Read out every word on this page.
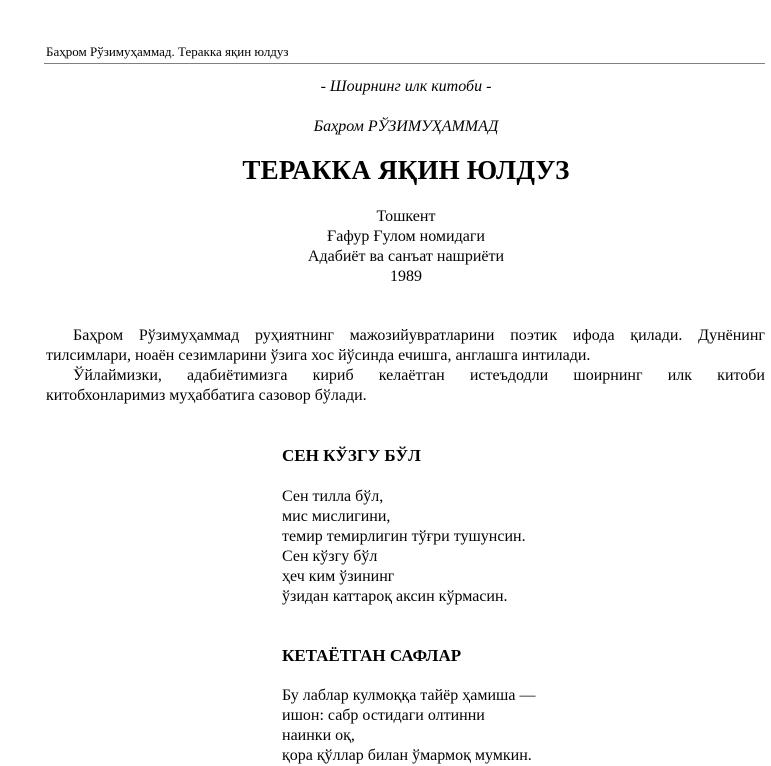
Баҳром Рўзимуҳаммад. Теракка яқин юлдуз
- Шоирнинг илк китоби -
Баҳром РЎЗИМУҲАММАД
ТЕРАККА ЯҚИН ЮЛДУЗ
Тошкент
Ғафур Ғулом номидаги
Адабиёт ва санъат нашриёти
1989

Баҳром Рўзимуҳаммад руҳиятнинг мажозийувратларини поэтик ифода қилади. Дунёнинг тилсимлари, ноаён сезимларини ўзига хос йўсинда ечишга, англашга интилади.

Ўйлаймизки, адабиётимизга кириб келаётган истеъдодли шоирнинг илк китоби

китобхонларимиз муҳаббатига сазовор бўлади.

СЕН КЎЗГУ БЎЛ
Сен тилла бўл,
мис мислигини,
темир темирлигин тўғри тушунсин.
Сен кўзгу бўл
ҳеч ким ўзининг
ўзидан каттароқ аксин кўрмасин.
КЕТАЁТГАН САФЛАР
Бу лаблар кулмоққа тайёр ҳамиша —
ишон: сабр остидаги олтинни
наинки оқ,
қора қўллар билан ўмармоқ мумкин.
